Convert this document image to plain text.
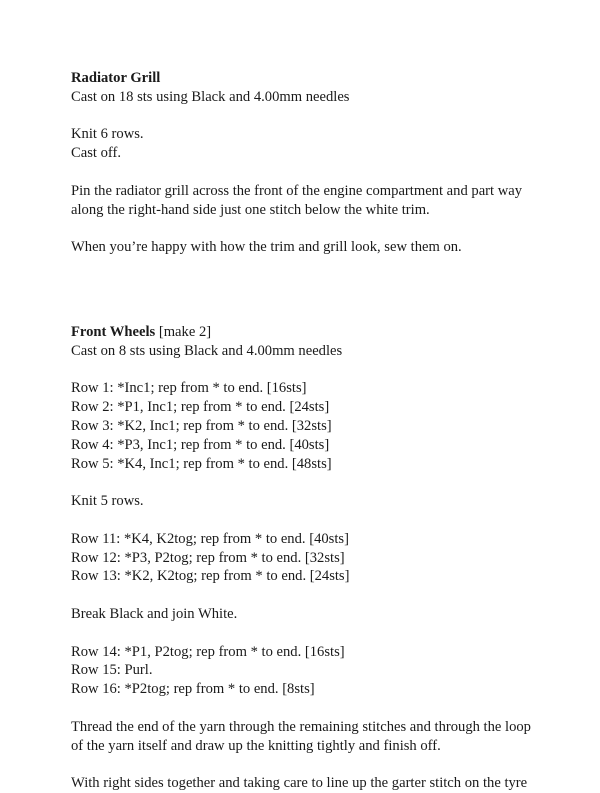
Radiator Grill

Cast on 18 sts using Black and 4.00mm needles

Knit 6 rows.

Cast off.

Pin the radiator grill across the front of the engine compartment and part way along the right-hand side just one stitch below the white trim.

When you’re happy with how the trim and grill look, sew them on.

Front Wheels [make 2]

Cast on 8 sts using Black and 4.00mm needles

Row 1: *Inc1; rep from * to end. [16sts]

Row 2: *P1, Inc1; rep from * to end. [24sts]

Row 3: *K2, Inc1; rep from * to end. [32sts]

Row 4: *P3, Inc1; rep from * to end. [40sts]

Row 5: *K4, Inc1; rep from * to end. [48sts]

Knit 5 rows.

Row 11: *K4, K2tog; rep from * to end. [40sts]

Row 12: *P3, P2tog; rep from * to end. [32sts]

Row 13: *K2, K2tog; rep from * to end. [24sts]

Break Black and join White.

Row 14: *P1, P2tog; rep from * to end. [16sts]

Row 15: Purl.

Row 16: *P2tog; rep from * to end. [8sts]

Thread the end of the yarn through the remaining stitches and through the loop of the yarn itself and draw up the knitting tightly and finish off.

With right sides together and taking care to line up the garter stitch on the tyre
